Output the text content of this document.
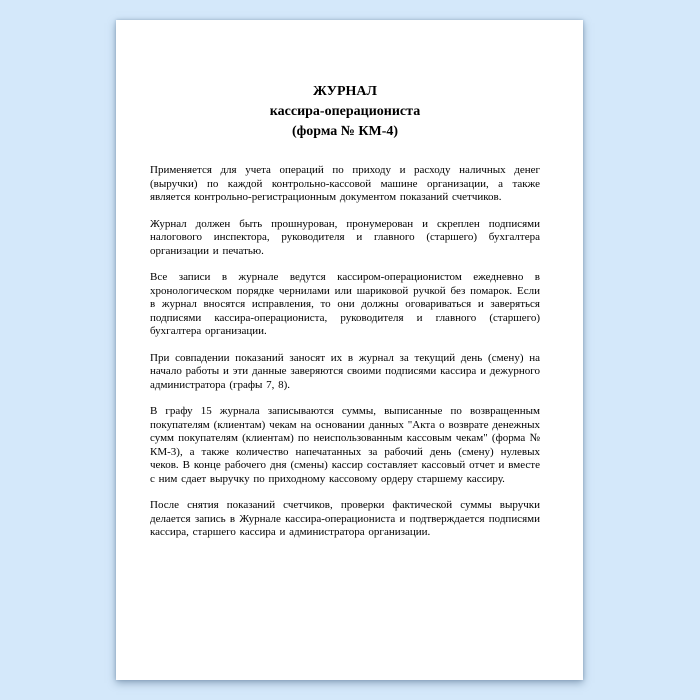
ЖУРНАЛ
кассира-операциониста
(форма № КМ-4)

Применяется для учета операций по приходу и расходу наличных денег (выручки) по каждой контрольно-кассовой машине организации, а также является контрольно-регистрационным документом показаний счетчиков.

Журнал должен быть прошнурован, пронумерован и скреплен подписями налогового инспектора, руководителя и главного (старшего) бухгалтера организации и печатью.

Все записи в журнале ведутся кассиром-операционистом ежедневно в хронологическом порядке чернилами или шариковой ручкой без помарок. Если в журнал вносятся исправления, то они должны оговариваться и заверяться подписями кассира-операциониста, руководителя и главного (старшего) бухгалтера организации.

При совпадении показаний заносят их в журнал за текущий день (смену) на начало работы и эти данные заверяются своими подписями кассира и дежурного администратора (графы 7, 8).

В графу 15 журнала записываются суммы, выписанные по возвращенным покупателям (клиентам) чекам на основании данных "Акта о возврате денежных сумм покупателям (клиентам) по неиспользованным кассовым чекам" (форма № КМ-3), а также количество напечатанных за рабочий день (смену) нулевых чеков. В конце рабочего дня (смены) кассир составляет кассовый отчет и вместе с ним сдает выручку по приходному кассовому ордеру старшему кассиру.

После снятия показаний счетчиков, проверки фактической суммы выручки делается запись в Журнале кассира-операциониста и подтверждается подписями кассира, старшего кассира и администратора организации.
